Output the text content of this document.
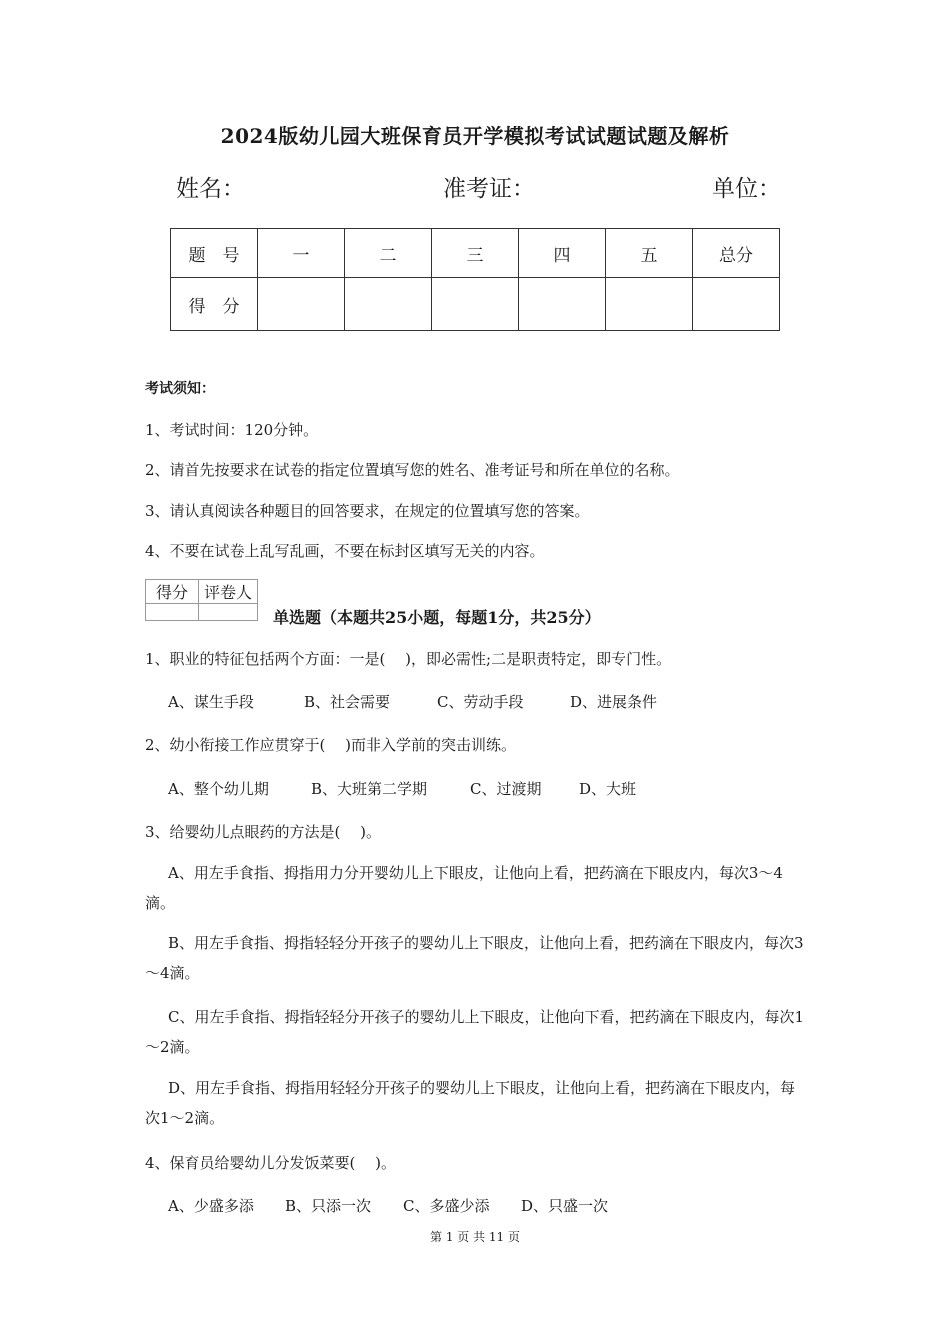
2024版幼儿园大班保育员开学模拟考试试题试题及解析
姓名：	准考证：	单位：
题　号	一	二	三	四	五	总分
得　分						
考试须知：
1、考试时间：120分钟。
2、请首先按要求在试卷的指定位置填写您的姓名、准考证号和所在单位的名称。
3、请认真阅读各种题目的回答要求，在规定的位置填写您的答案。
4、不要在试卷上乱写乱画，不要在标封区填写无关的内容。
得分	评卷人

单选题（本题共25小题，每题1分，共25分）
1、职业的特征包括两个方面：一是(　 )，即必需性;二是职责特定，即专门性。
A、谋生手段	B、社会需要	C、劳动手段	D、进展条件
2、幼小衔接工作应贯穿于(　 )而非入学前的突击训练。
A、整个幼儿期	B、大班第二学期	C、过渡期	D、大班
3、给婴幼儿点眼药的方法是(　 )。
A、用左手食指、拇指用力分开婴幼儿上下眼皮，让他向上看，把药滴在下眼皮内，每次3～4滴。
B、用左手食指、拇指轻轻分开孩子的婴幼儿上下眼皮，让他向上看，把药滴在下眼皮内，每次3～4滴。
C、用左手食指、拇指轻轻分开孩子的婴幼儿上下眼皮，让他向下看，把药滴在下眼皮内，每次1～2滴。
D、用左手食指、拇指用轻轻分开孩子的婴幼儿上下眼皮，让他向上看，把药滴在下眼皮内，每次1～2滴。
4、保育员给婴幼儿分发饭菜要(　 )。
A、少盛多添 B、只添一次 C、多盛少添 D、只盛一次
第 1 页 共 11 页
